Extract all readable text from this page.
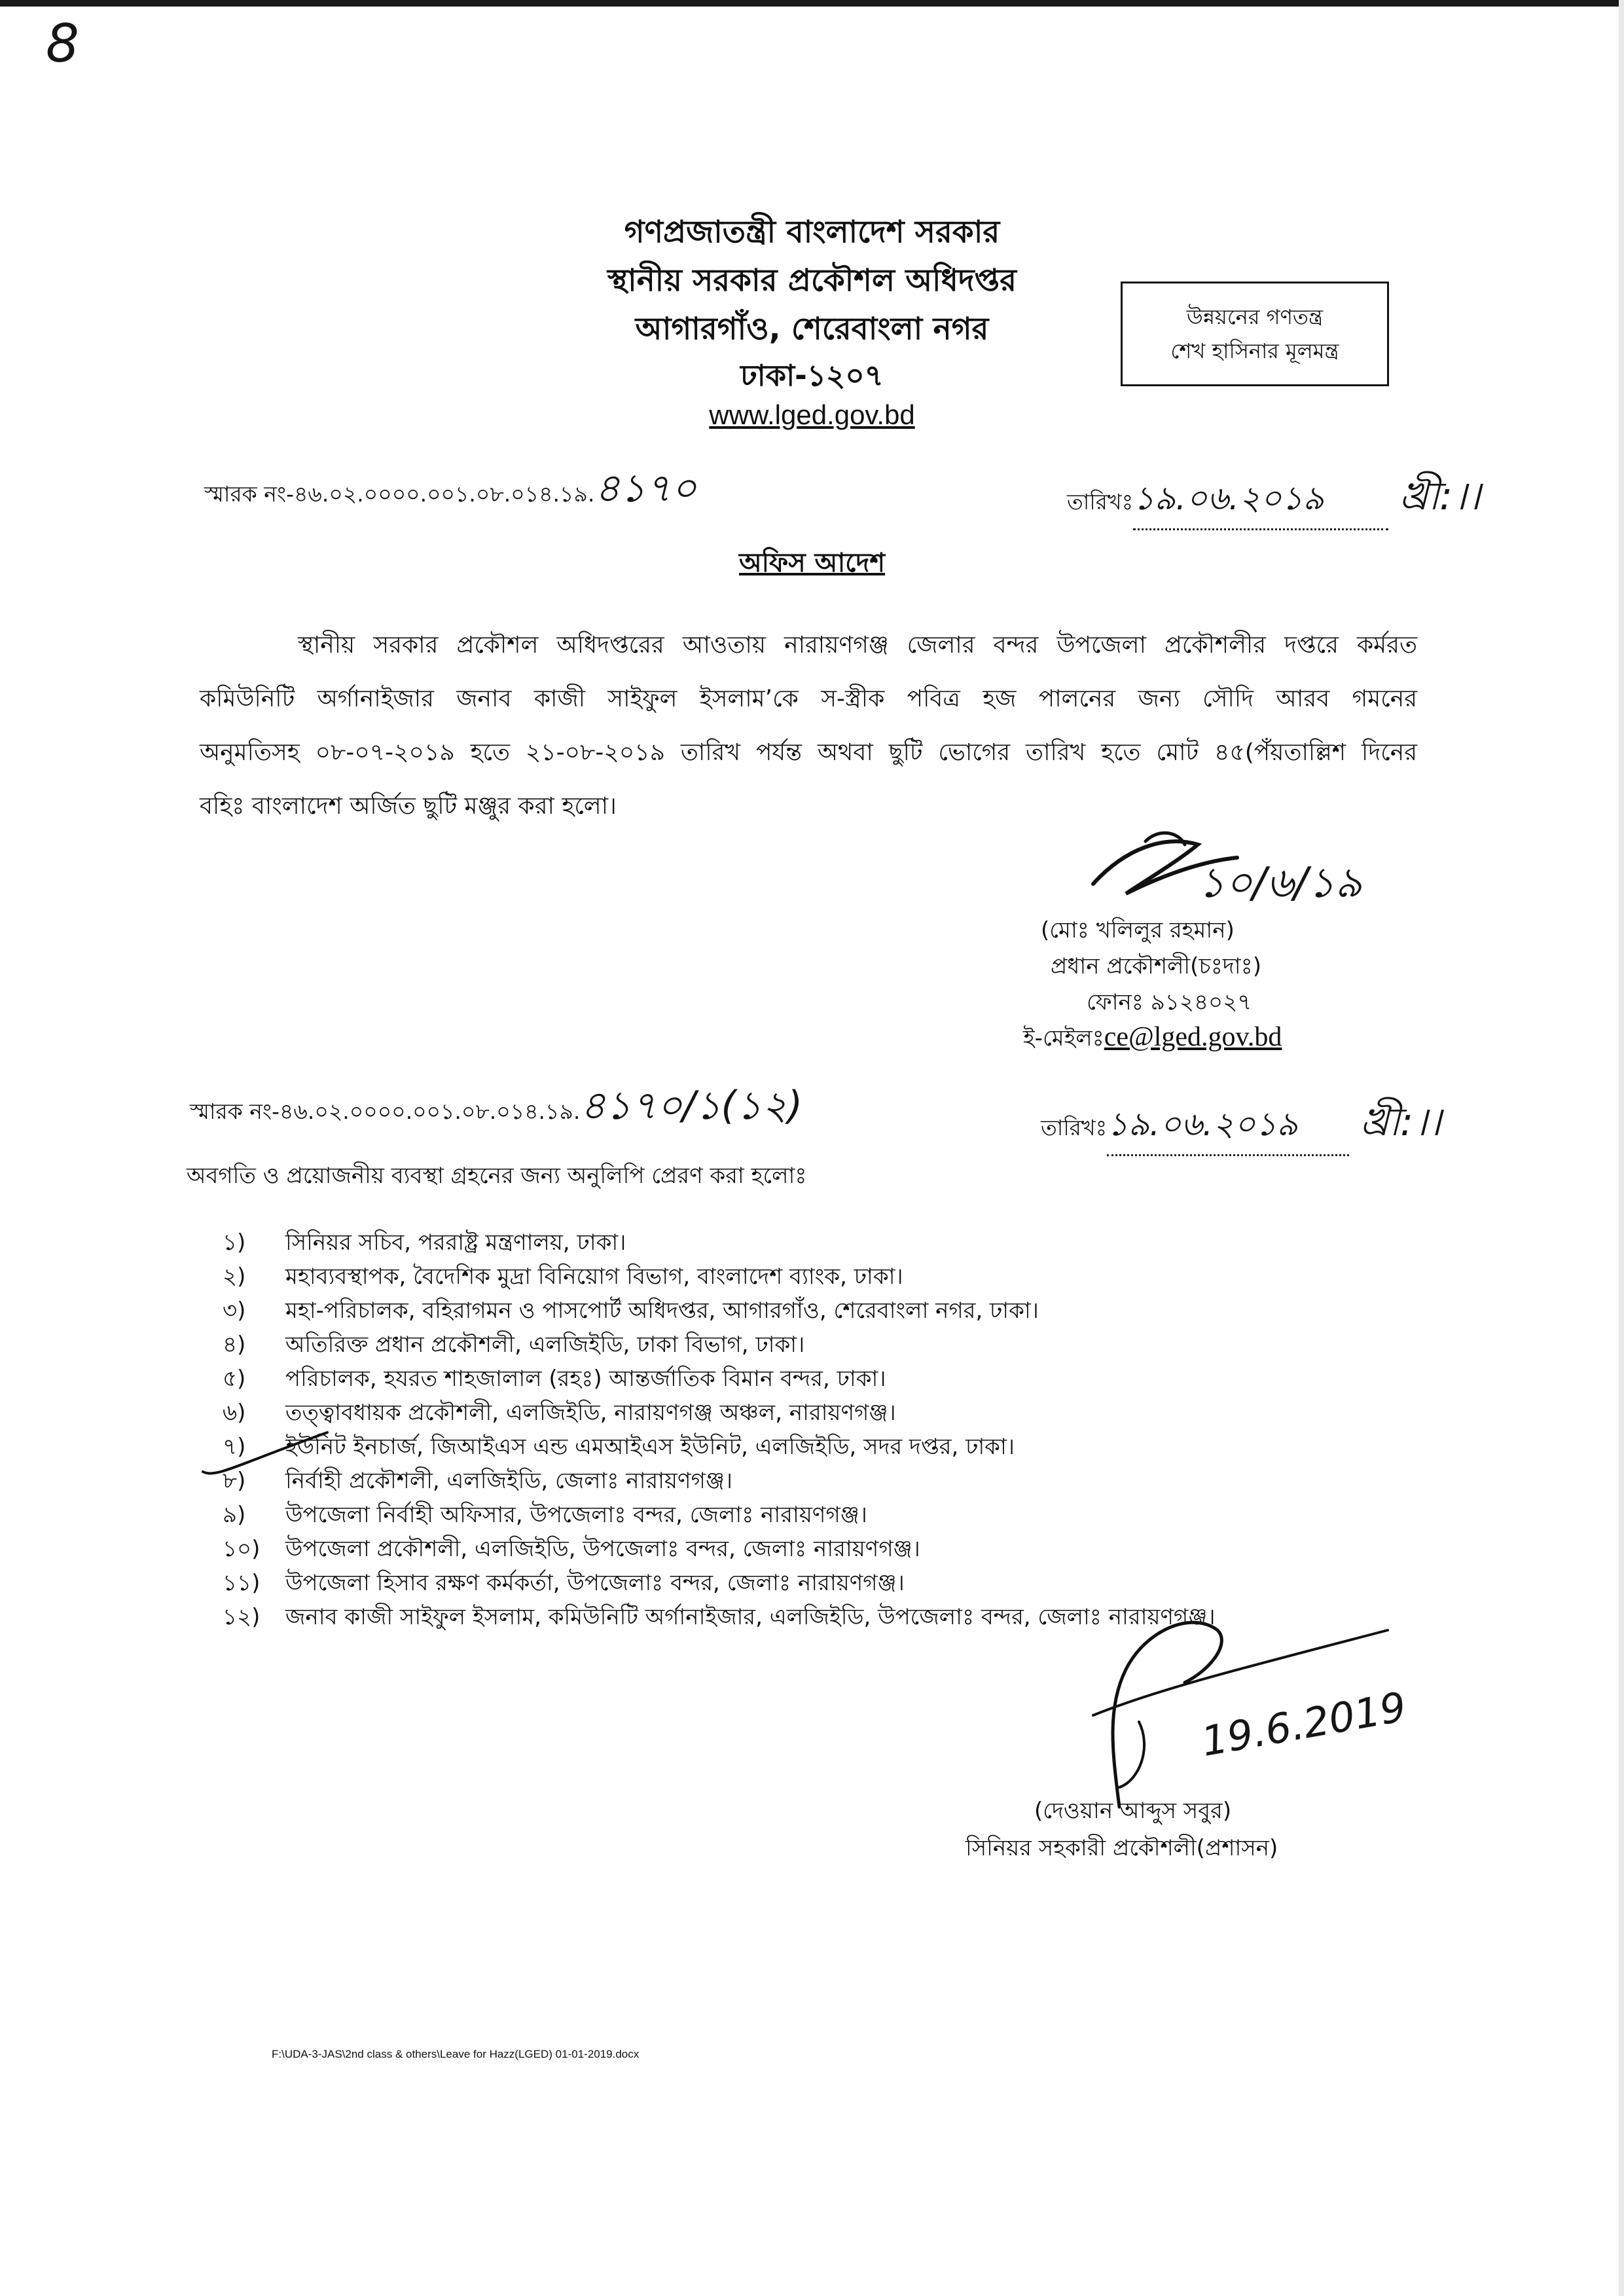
8
গণপ্রজাতন্ত্রী বাংলাদেশ সরকার
স্থানীয় সরকার প্রকৌশল অধিদপ্তর
আগারগাঁও, শেরেবাংলা নগর
ঢাকা-১২০৭
www.lged.gov.bd
উন্নয়নের গণতন্ত্র
শেখ হাসিনার মূলমন্ত্র
স্মারক নং-৪৬.০২.০০০০.০০১.০৮.০১৪.১৯.৪১৭০	তারিখঃ১৯.০৬.২০১৯ খ্রী:।।
অফিস আদেশ
স্থানীয় সরকার প্রকৌশল অধিদপ্তরের আওতায় নারায়ণগঞ্জ জেলার বন্দর উপজেলা প্রকৌশলীর দপ্তরে কর্মরত
কমিউনিটি অর্গানাইজার জনাব কাজী সাইফুল ইসলাম’কে স-স্ত্রীক পবিত্র হজ পালনের জন্য সৌদি আরব গমনের
অনুমতিসহ ০৮-০৭-২০১৯ হতে ২১-০৮-২০১৯ তারিখ পর্যন্ত অথবা ছুটি ভোগের তারিখ হতে মোট ৪৫(পঁয়তাল্লিশ দিনের
বহিঃ বাংলাদেশ অর্জিত ছুটি মঞ্জুর করা হলো।
১০/৬/১৯
(মোঃ খলিলুর রহমান)
প্রধান প্রকৌশলী(চঃদাঃ)
ফোনঃ ৯১২৪০২৭
ই-মেইলঃce@lged.gov.bd
স্মারক নং-৪৬.০২.০০০০.০০১.০৮.০১৪.১৯.৪১৭০/১(১২)	তারিখঃ১৯.০৬.২০১৯ খ্রী:।।
অবগতি ও প্রয়োজনীয় ব্যবস্থা গ্রহনের জন্য অনুলিপি প্রেরণ করা হলোঃ
১)	সিনিয়র সচিব, পররাষ্ট্র মন্ত্রণালয়, ঢাকা।
২)	মহাব্যবস্থাপক, বৈদেশিক মুদ্রা বিনিয়োগ বিভাগ, বাংলাদেশ ব্যাংক, ঢাকা।
৩)	মহা-পরিচালক, বহিরাগমন ও পাসপোর্ট অধিদপ্তর, আগারগাঁও, শেরেবাংলা নগর, ঢাকা।
৪)	অতিরিক্ত প্রধান প্রকৌশলী, এলজিইডি, ঢাকা বিভাগ, ঢাকা।
৫)	পরিচালক, হযরত শাহজালাল (রহঃ) আন্তর্জাতিক বিমান বন্দর, ঢাকা।
৬)	তত্ত্বাবধায়ক প্রকৌশলী, এলজিইডি, নারায়ণগঞ্জ অঞ্চল, নারায়ণগঞ্জ।
৭)	ইউনিট ইনচার্জ, জিআইএস এন্ড এমআইএস ইউনিট, এলজিইডি, সদর দপ্তর, ঢাকা।
৮)	নির্বাহী প্রকৌশলী, এলজিইডি, জেলাঃ নারায়ণগঞ্জ।
৯)	উপজেলা নির্বাহী অফিসার, উপজেলাঃ বন্দর, জেলাঃ নারায়ণগঞ্জ।
১০)	উপজেলা প্রকৌশলী, এলজিইডি, উপজেলাঃ বন্দর, জেলাঃ নারায়ণগঞ্জ।
১১)	উপজেলা হিসাব রক্ষণ কর্মকর্তা, উপজেলাঃ বন্দর, জেলাঃ নারায়ণগঞ্জ।
১২)	জনাব কাজী সাইফুল ইসলাম, কমিউনিটি অর্গানাইজার, এলজিইডি, উপজেলাঃ বন্দর, জেলাঃ নারায়ণগঞ্জ।
19.6.2019
(দেওয়ান আব্দুস সবুর)
সিনিয়র সহকারী প্রকৌশলী(প্রশাসন)
F:\UDA-3-JAS\2nd class & others\Leave for Hazz(LGED) 01-01-2019.docx
